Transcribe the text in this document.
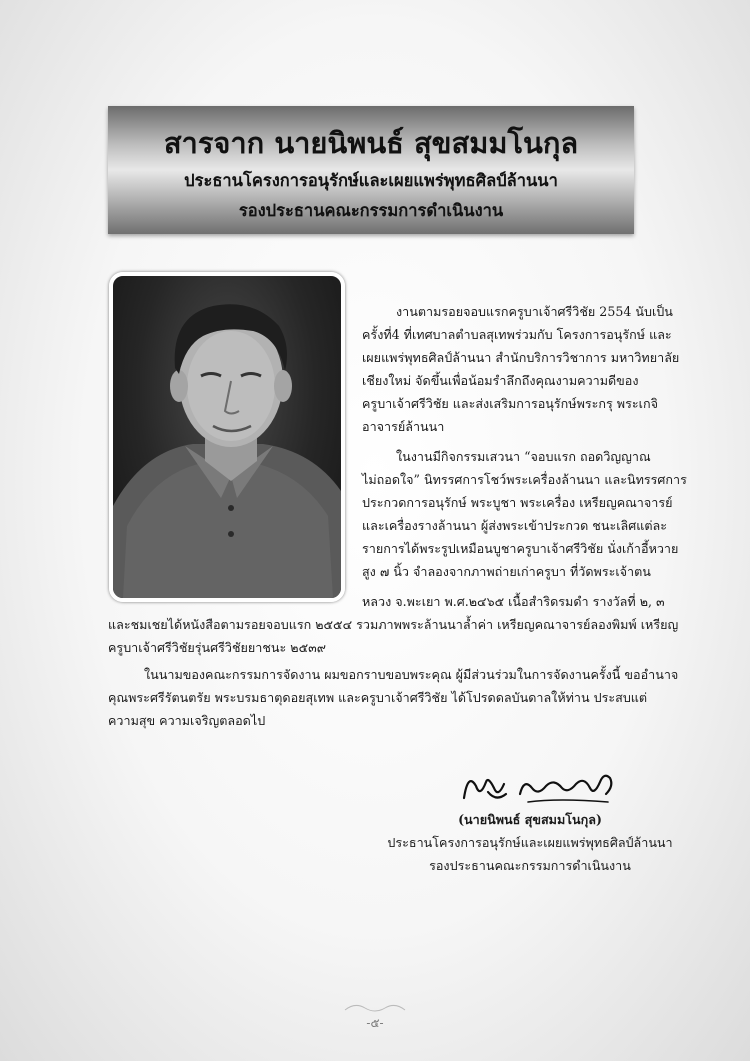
สารจาก นายนิพนธ์ สุขสมมโนกุล
ประธานโครงการอนุรักษ์และเผยแพร่พุทธศิลป์ล้านนา
รองประธานคณะกรรมการดำเนินงาน
งานตามรอยจอบแรกครูบาเจ้าศรีวิชัย 2554 นับเป็น
ครั้งที่4 ที่เทศบาลตำบลสุเทพร่วมกับ โครงการอนุรักษ์ และ
เผยแพร่พุทธศิลป์ล้านนา สำนักบริการวิชาการ มหาวิทยาลัย
เชียงใหม่ จัดขึ้นเพื่อน้อมรำลึกถึงคุณงามความดีของ
ครูบาเจ้าศรีวิชัย และส่งเสริมการอนุรักษ์พระกรุ พระเกจิ
อาจารย์ล้านนา
ในงานมีกิจกรรมเสวนา “จอบแรก ถอดวิญญาณ
ไม่ถอดใจ” นิทรรศการโชว์พระเครื่องล้านนา และนิทรรศการ
ประกวดการอนุรักษ์ พระบูชา พระเครื่อง เหรียญคณาจารย์
และเครื่องรางล้านนา ผู้ส่งพระเข้าประกวด ชนะเลิศแต่ละ
รายการได้พระรูปเหมือนบูชาครูบาเจ้าศรีวิชัย นั่งเก้าอี้หวาย
สูง ๗ นิ้ว จำลองจากภาพถ่ายเก่าครูบา ที่วัดพระเจ้าตน
หลวง จ.พะเยา พ.ศ.๒๔๖๕ เนื้อสำริดรมดำ รางวัลที่ ๒, ๓
และชมเชยได้หนังสือตามรอยจอบแรก ๒๕๕๔ รวมภาพพระล้านนาล้ำค่า เหรียญคณาจารย์ลองพิมพ์ เหรียญ
ครูบาเจ้าศรีวิชัยรุ่นศรีวิชัยยาชนะ ๒๕๓๙
ในนามของคณะกรรมการจัดงาน ผมขอกราบขอบพระคุณ ผู้มีส่วนร่วมในการจัดงานครั้งนี้ ขออำนาจ
คุณพระศรีรัตนตรัย พระบรมธาตุดอยสุเทพ และครูบาเจ้าศรีวิชัย ได้โปรดดลบันดาลให้ท่าน ประสบแต่
ความสุข ความเจริญตลอดไป
(นายนิพนธ์ สุขสมมโนกุล)
ประธานโครงการอนุรักษ์และเผยแพร่พุทธศิลป์ล้านนา
รองประธานคณะกรรมการดำเนินงาน
-๕-
